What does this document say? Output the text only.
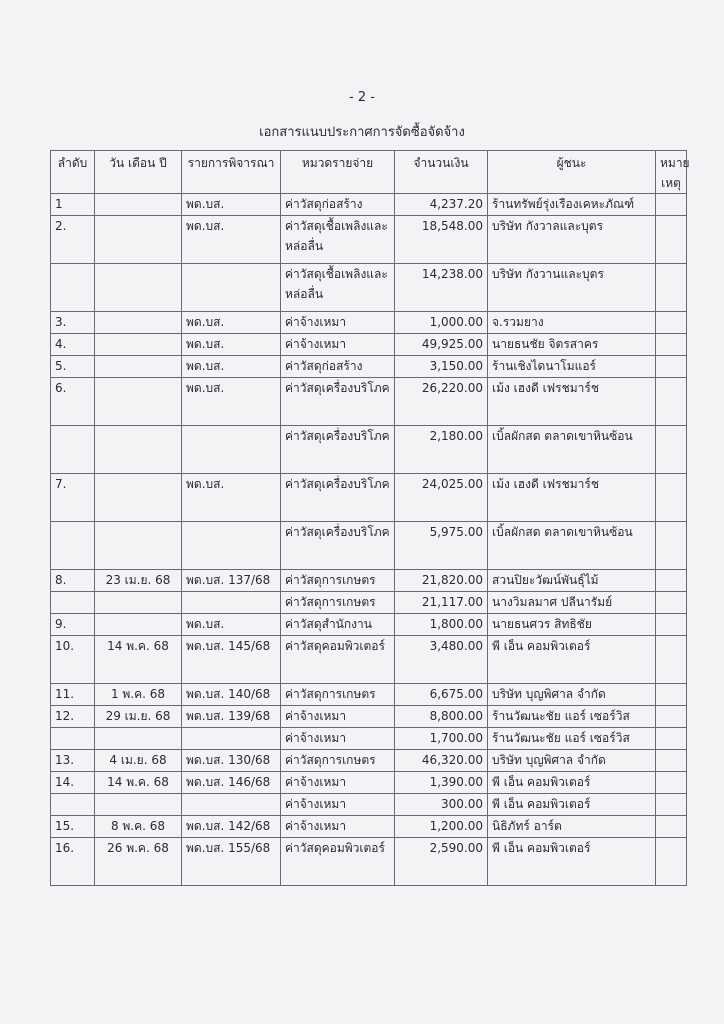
- 2 -
เอกสารแนบประกาศการจัดซื้อจัดจ้าง
ลำดับ	วัน เดือน ปี	รายการพิจารณา	หมวดรายจ่าย	จำนวนเงิน	ผู้ชนะ	หมาย เหตุ
1		พด.บส.	ค่าวัสดุก่อสร้าง	4,237.20	ร้านทรัพย์รุ่งเรืองเคหะภัณฑ์	
2.		พด.บส.	ค่าวัสดุเชื้อเพลิงและหล่อลื่น	18,548.00	บริษัท กังวาลและบุตร	
			ค่าวัสดุเชื้อเพลิงและหล่อลื่น	14,238.00	บริษัท กังวานและบุตร	
3.		พด.บส.	ค่าจ้างเหมา	1,000.00	จ.รวมยาง	
4.		พด.บส.	ค่าจ้างเหมา	49,925.00	นายธนชัย จิตรสาคร	
5.		พด.บส.	ค่าวัสดุก่อสร้าง	3,150.00	ร้านเชิงไดนาโมแอร์	
6.		พด.บส.	ค่าวัสดุเครื่องบริโภค	26,220.00	เม้ง เฮงดี เฟรชมาร์ช	
			ค่าวัสดุเครื่องบริโภค	2,180.00	เบิ้ลผักสด ตลาดเขาหินซ้อน	
7.		พด.บส.	ค่าวัสดุเครื่องบริโภค	24,025.00	เม้ง เฮงดี เฟรชมาร์ช	
			ค่าวัสดุเครื่องบริโภค	5,975.00	เบิ้ลผักสด ตลาดเขาหินซ้อน	
8.	23 เม.ย. 68	พด.บส. 137/68	ค่าวัสดุการเกษตร	21,820.00	สวนปิยะวัฒน์พันธุ์ไม้	
			ค่าวัสดุการเกษตร	21,117.00	นางวิมลมาศ ปลีนารัมย์	
9.		พด.บส.	ค่าวัสดุสำนักงาน	1,800.00	นายธนศวร สิทธิชัย	
10.	14 พ.ค. 68	พด.บส. 145/68	ค่าวัสดุคอมพิวเตอร์	3,480.00	พี เอ็น คอมพิวเตอร์	
11.	1 พ.ค. 68	พด.บส. 140/68	ค่าวัสดุการเกษตร	6,675.00	บริษัท บุญพิศาล จำกัด	
12.	29 เม.ย. 68	พด.บส. 139/68	ค่าจ้างเหมา	8,800.00	ร้านวัฒนะชัย แอร์ เซอร์วิส	
			ค่าจ้างเหมา	1,700.00	ร้านวัฒนะชัย แอร์ เซอร์วิส	
13.	4 เม.ย. 68	พด.บส. 130/68	ค่าวัสดุการเกษตร	46,320.00	บริษัท บุญพิศาล จำกัด	
14.	14 พ.ค. 68	พด.บส. 146/68	ค่าจ้างเหมา	1,390.00	พี เอ็น คอมพิวเตอร์	
			ค่าจ้างเหมา	300.00	พี เอ็น คอมพิวเตอร์	
15.	8 พ.ค. 68	พด.บส. 142/68	ค่าจ้างเหมา	1,200.00	นิธิภัทร์ อาร์ต	
16.	26 พ.ค. 68	พด.บส. 155/68	ค่าวัสดุคอมพิวเตอร์	2,590.00	พี เอ็น คอมพิวเตอร์	
